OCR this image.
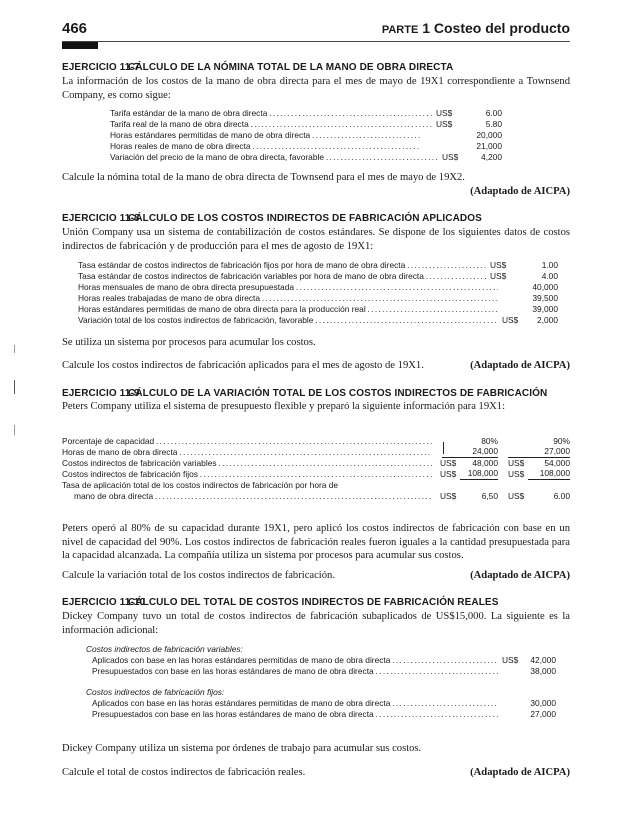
466	PARTE 1 Costeo del producto
EJERCICIO 11-7CÁLCULO DE LA NÓMINA TOTAL DE LA MANO DE OBRA DIRECTA
La información de los costos de la mano de obra directa para el mes de mayo de 19X1 correspondiente a Townsend Company, es como sigue:
Tarifa estándar de la mano de obra directa . . .	US$	6.00
Tarifa real de la mano de obra directa . . .	US$	5.80
Horas estándares permitidas de mano de obra directa . . .	20,000
Horas reales de mano de obra directa . . .	21,000
Variación del precio de la mano de obra directa, favorable . . .	US$	4,200
Calcule la nómina total de la mano de obra directa de Townsend para el mes de mayo de 19X2.
(Adaptado de AICPA)
EJERCICIO 11-8CÁLCULO DE LOS COSTOS INDIRECTOS DE FABRICACIÓN APLICADOS
Unión Company usa un sistema de contabilización de costos estándares. Se dispone de los siguientes datos de costos indirectos de fabricación y de producción para el mes de agosto de 19X1:
Tasa estándar de costos indirectos de fabricación fijos por hora de mano de obra directa . . .	US$	1.00
Tasa estándar de costos indirectos de fabricación variables por hora de mano de obra directa . . .	US$	4.00
Horas mensuales de mano de obra directa presupuestada . . .	40,000
Horas reales trabajadas de mano de obra directa . . .	39,500
Horas estándares permitidas de mano de obra directa para la producción real . . .	39,000
Variación total de los costos indirectos de fabricación, favorable . . .	US$	2,000
Se utiliza un sistema por procesos para acumular los costos.
Calcule los costos indirectos de fabricación aplicados para el mes de agosto de 19X1.	(Adaptado de AICPA)
EJERCICIO 11-9CÁLCULO DE LA VARIACIÓN TOTAL DE LOS COSTOS INDIRECTOS DE FABRICACIÓN
Peters Company utiliza el sistema de presupuesto flexible y preparó la siguiente información para 19X1:
Porcentaje de capacidad . . .	80%	90%
Horas de mano de obra directa . . .	24,000	27,000
Costos indirectos de fabricación variables . . .	US$	48,000 US$	54,000
Costos indirectos de fabricación fijos . . .	US$	108,000 US$	108,000
Tasa de aplicación total de los costos indirectos de fabricación por hora de
mano de obra directa . . .	US$	6,50 US$	6.00
Peters operó al 80% de su capacidad durante 19X1, pero aplicó los costos indirectos de fabricación con base en un nivel de capacidad del 90%. Los costos indirectos de fabricación reales fueron iguales a la cantidad presupuestada para la capacidad alcanzada. La compañía utiliza un sistema por procesos para acumular sus costos.
Calcule la variación total de los costos indirectos de fabricación.	(Adaptado de AICPA)
EJERCICIO 11-10CÁLCULO DEL TOTAL DE COSTOS INDIRECTOS DE FABRICACIÓN REALES
Dickey Company tuvo un total de costos indirectos de fabricación subaplicados de US$15,000. La siguiente es la información adicional:
Costos indirectos de fabricación variables:
Aplicados con base en las horas estándares permitidas de mano de obra directa . . .	US$	42,000
Presupuestados con base en las horas estándares de mano de obra directa . . .	38,000
Costos indirectos de fabricación fijos:
Aplicados con base en las horas estándares permitidas de mano de obra directa . . .	30,000
Presupuestados con base en las horas estándares de mano de obra directa . . .	27,000
Dickey Company utiliza un sistema por órdenes de trabajo para acumular sus costos.
Calcule el total de costos indirectos de fabricación reales.	(Adaptado de AICPA)
